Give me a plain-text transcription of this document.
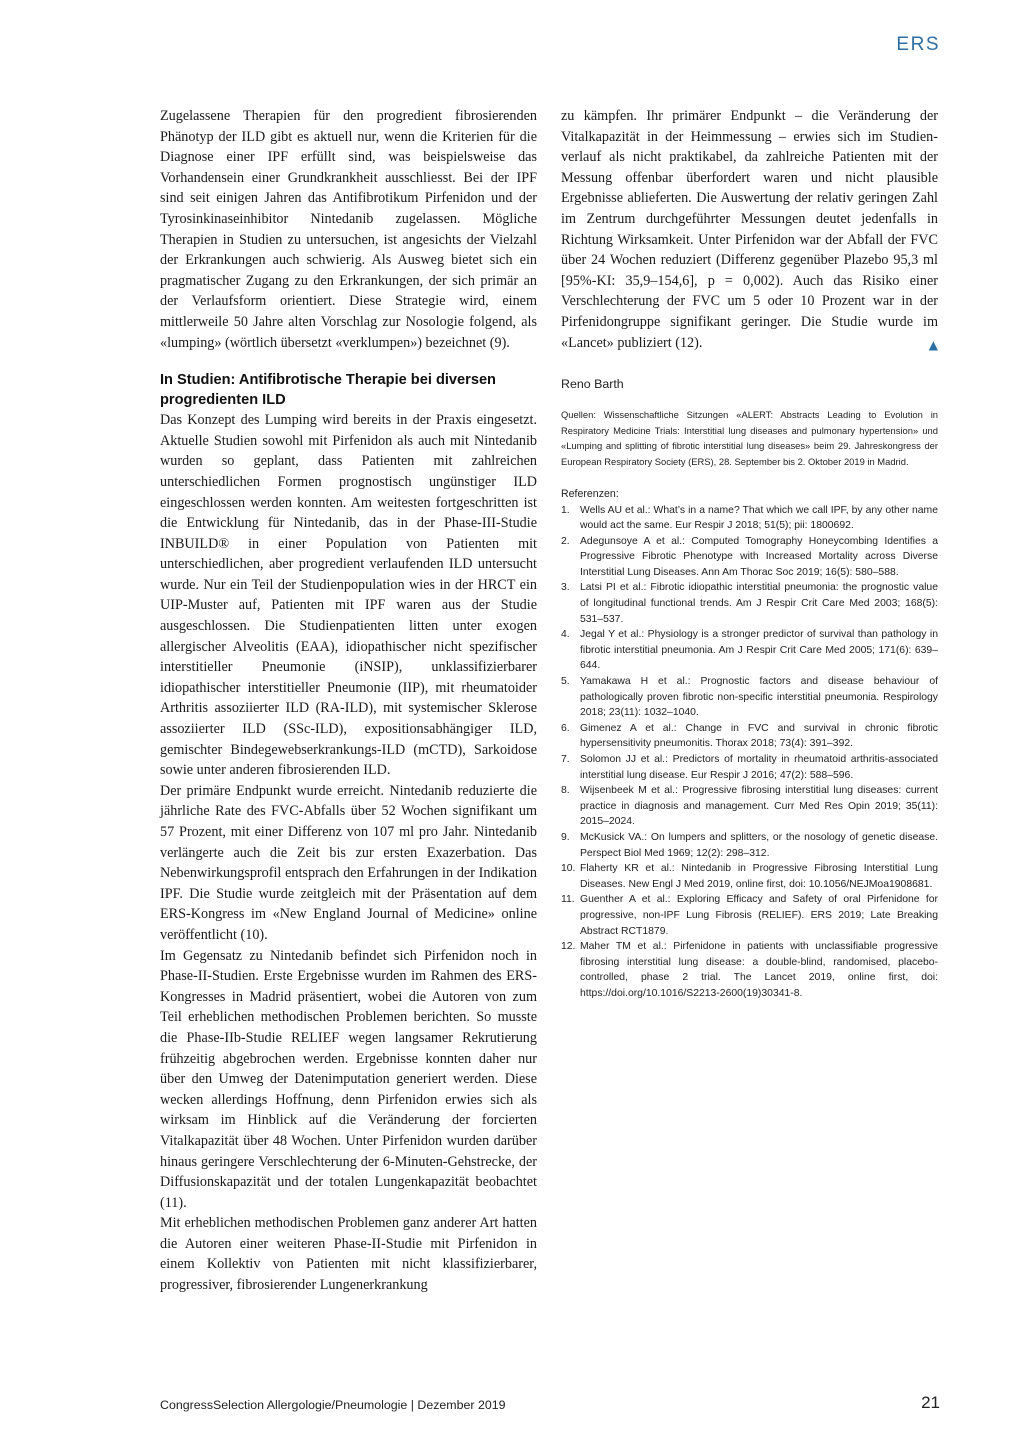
ERS

Zugelassene Therapien für den progredient fibrosierenden Phänotyp der ILD gibt es aktuell nur, wenn die Kriterien für die Diagnose einer IPF erfüllt sind, was beispielsweise das Vorhandensein einer Grundkrankheit ausschliesst. Bei der IPF sind seit einigen Jahren das Antifibrotikum Pirfenidon und der Tyrosinkinaseinhibitor Nintedanib zugelassen. Mögliche Therapien in Studien zu untersuchen, ist angesichts der Vielzahl der Erkrankungen auch schwierig. Als Ausweg bietet sich ein pragmatischer Zugang zu den Erkrankungen, der sich primär an der Verlaufsform orientiert. Diese Strategie wird, einem mittlerweile 50 Jahre alten Vorschlag zur Nosologie folgend, als «lumping» (wörtlich übersetzt «verklumpen») bezeichnet (9).

In Studien: Antifibrotische Therapie bei diversen progredienten ILD

Das Konzept des Lumping wird bereits in der Praxis eingesetzt. Aktuelle Studien sowohl mit Pirfenidon als auch mit Nintedanib wurden so geplant, dass Patienten mit zahlreichen unterschiedlichen Formen prognostisch ungünstiger ILD eingeschlossen werden konnten. Am weitesten fortgeschritten ist die Entwicklung für Nintedanib, das in der Phase-III-Studie INBUILD® in einer Population von Patienten mit unterschiedlichen, aber progredient verlaufenden ILD untersucht wurde. Nur ein Teil der Studienpopulation wies in der HRCT ein UIP-Muster auf, Patienten mit IPF waren aus der Studie ausgeschlossen. Die Studienpatienten litten unter exogen allergischer Alveolitis (EAA), idiopathischer nicht spezifischer interstitieller Pneumonie (iNSIP), unklassifizierbarer idiopathischer interstitieller Pneumonie (IIP), mit rheumatoider Arthritis assoziierter ILD (RA-ILD), mit systemischer Sklerose assoziierter ILD (SSc-ILD), expositionsabhängiger ILD, gemischter Bindegewebserkrankungs-ILD (mCTD), Sarkoidose sowie unter anderen fibrosierenden ILD.

Der primäre Endpunkt wurde erreicht. Nintedanib reduzierte die jährliche Rate des FVC-Abfalls über 52 Wochen signifikant um 57 Prozent, mit einer Differenz von 107 ml pro Jahr. Nintedanib verlängerte auch die Zeit bis zur ersten Exazerbation. Das Nebenwirkungsprofil entsprach den Erfahrungen in der Indikation IPF. Die Studie wurde zeitgleich mit der Präsentation auf dem ERS-Kongress im «New England Journal of Medicine» online veröffentlicht (10).

Im Gegensatz zu Nintedanib befindet sich Pirfenidon noch in Phase-II-Studien. Erste Ergebnisse wurden im Rahmen des ERS-Kongresses in Madrid präsentiert, wobei die Autoren von zum Teil erheblichen methodischen Problemen berichten. So musste die Phase-IIb-Studie RELIEF wegen langsamer Rekrutierung frühzeitig abgebrochen werden. Ergebnisse konnten daher nur über den Umweg der Datenimputation generiert werden. Diese wecken allerdings Hoffnung, denn Pirfenidon erwies sich als wirksam im Hinblick auf die Veränderung der forcierten Vitalkapazität über 48 Wochen. Unter Pirfenidon wurden darüber hinaus geringere Verschlechterung der 6-Minuten-Gehstrecke, der Diffusionskapazität und der totalen Lungenkapazität beobachtet (11).

Mit erheblichen methodischen Problemen ganz anderer Art hatten die Autoren einer weiteren Phase-II-Studie mit Pirfenidon in einem Kollektiv von Patienten mit nicht klassifizierbarer, progressiver, fibrosierender Lungenerkrankung

zu kämpfen. Ihr primärer Endpunkt – die Veränderung der Vitalkapazität in der Heimmessung – erwies sich im Studienverlauf als nicht praktikabel, da zahlreiche Patienten mit der Messung offenbar überfordert waren und nicht plausible Ergebnisse ablieferten. Die Auswertung der relativ geringen Zahl im Zentrum durchgeführter Messungen deutet jedenfalls in Richtung Wirksamkeit. Unter Pirfenidon war der Abfall der FVC über 24 Wochen reduziert (Differenz gegenüber Plazebo 95,3 ml [95%-KI: 35,9–154,6], p = 0,002). Auch das Risiko einer Verschlechterung der FVC um 5 oder 10 Prozent war in der Pirfenidongruppe signifikant geringer. Die Studie wurde im «Lancet» publiziert (12).	▲

Reno Barth

Quellen: Wissenschaftliche Sitzungen «ALERT: Abstracts Leading to Evolution in Respiratory Medicine Trials: Interstitial lung diseases and pulmonary hypertension» und «Lumping and splitting of fibrotic interstitial lung diseases» beim 29. Jahreskongress der European Respiratory Society (ERS), 28. September bis 2. Oktober 2019 in Madrid.

Referenzen:
1. Wells AU et al.: What’s in a name? That which we call IPF, by any other name would act the same. Eur Respir J 2018; 51(5); pii: 1800692.
2. Adegunsoye A et al.: Computed Tomography Honeycombing Identifies a Progressive Fibrotic Phenotype with Increased Mortality across Diverse Interstitial Lung Diseases. Ann Am Thorac Soc 2019; 16(5): 580–588.
3. Latsi PI et al.: Fibrotic idiopathic interstitial pneumonia: the prognostic value of longitudinal functional trends. Am J Respir Crit Care Med 2003; 168(5): 531–537.
4. Jegal Y et al.: Physiology is a stronger predictor of survival than pathology in fibrotic interstitial pneumonia. Am J Respir Crit Care Med 2005; 171(6): 639–644.
5. Yamakawa H et al.: Prognostic factors and disease behaviour of pathologically proven fibrotic non-specific interstitial pneumonia. Respirology 2018; 23(11): 1032–1040.
6. Gimenez A et al.: Change in FVC and survival in chronic fibrotic hypersensitivity pneumonitis. Thorax 2018; 73(4): 391–392.
7. Solomon JJ et al.: Predictors of mortality in rheumatoid arthritis-associated interstitial lung disease. Eur Respir J 2016; 47(2): 588–596.
8. Wijsenbeek M et al.: Progressive fibrosing interstitial lung diseases: current practice in diagnosis and management. Curr Med Res Opin 2019; 35(11): 2015–2024.
9. McKusick VA.: On lumpers and splitters, or the nosology of genetic disease. Perspect Biol Med 1969; 12(2): 298–312.
10. Flaherty KR et al.: Nintedanib in Progressive Fibrosing Interstitial Lung Diseases. New Engl J Med 2019, online first, doi: 10.1056/NEJMoa1908681.
11. Guenther A et al.: Exploring Efficacy and Safety of oral Pirfenidone for progressive, non-IPF Lung Fibrosis (RELIEF). ERS 2019; Late Breaking Abstract RCT1879.
12. Maher TM et al.: Pirfenidone in patients with unclassifiable progressive fibrosing interstitial lung disease: a double-blind, randomised, placebo-controlled, phase 2 trial. The Lancet 2019, online first, doi: https://doi.org/10.1016/S2213-2600(19)30341-8.
CongressSelection Allergologie/Pneumologie | Dezember 2019	21
